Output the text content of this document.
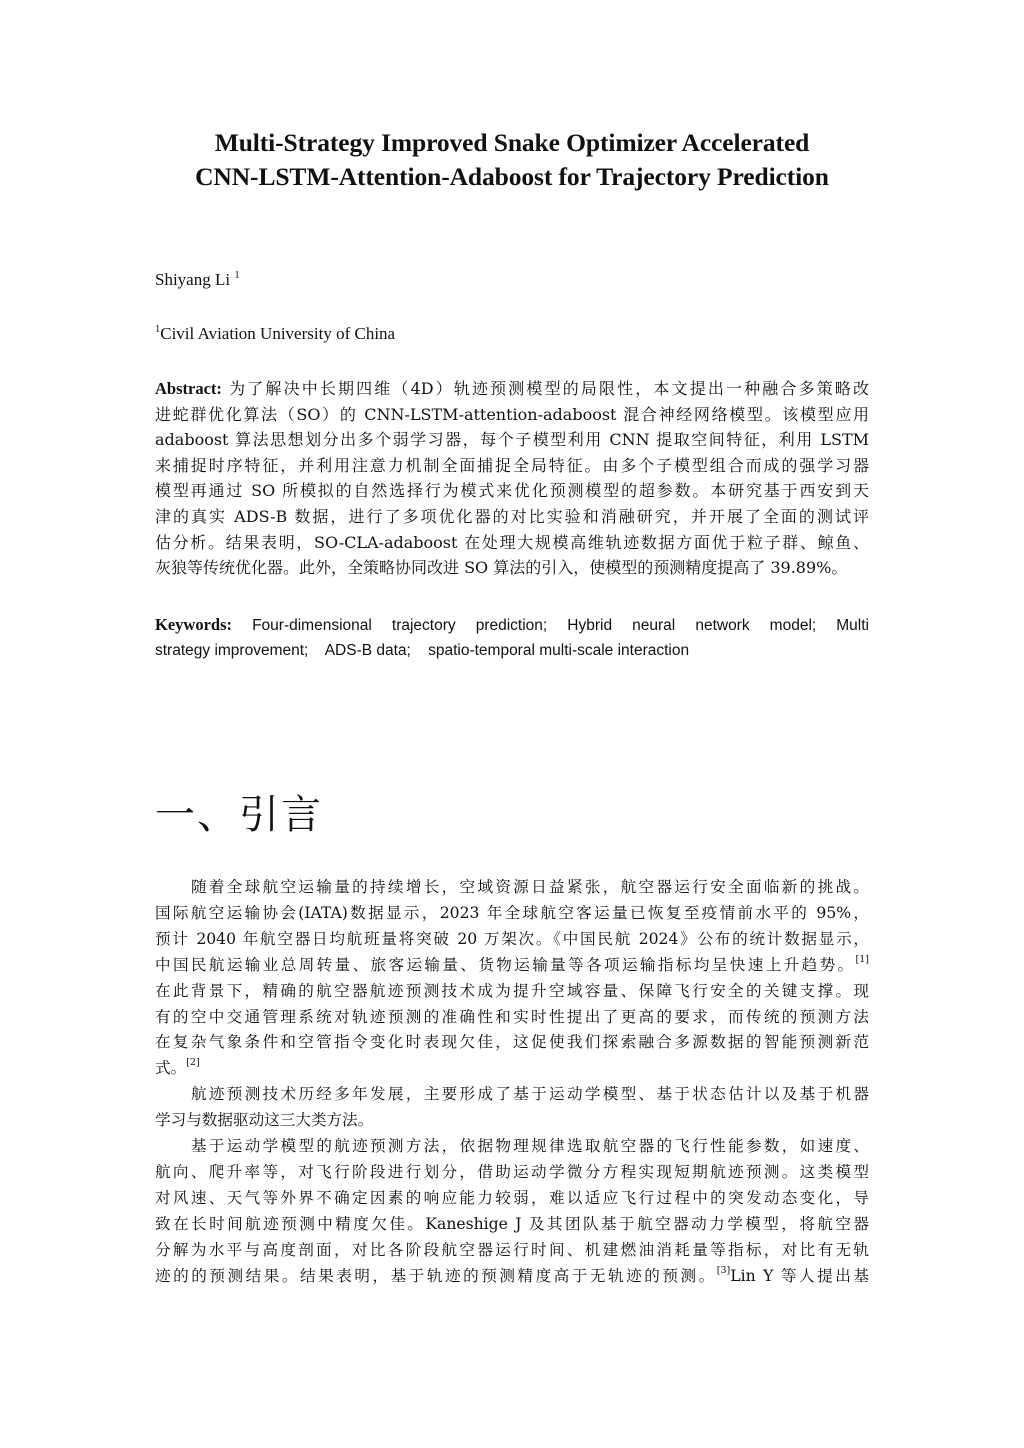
Multi-Strategy Improved Snake Optimizer Accelerated
CNN-LSTM-Attention-Adaboost for Trajectory Prediction
Shiyang Li $^1$
$^1$Civil Aviation University of China
Abstract: 为了解决中长期四维（4D）轨迹预测模型的局限性，本文提出一种融合多策略改
进蛇群优化算法（SO）的 CNN-LSTM-attention-adaboost 混合神经网络模型。该模型应用
adaboost 算法思想划分出多个弱学习器，每个子模型利用 CNN 提取空间特征，利用 LSTM
来捕捉时序特征，并利用注意力机制全面捕捉全局特征。由多个子模型组合而成的强学习器
模型再通过 SO 所模拟的自然选择行为模式来优化预测模型的超参数。本研究基于西安到天
津的真实 ADS-B 数据，进行了多项优化器的对比实验和消融研究，并开展了全面的测试评
估分析。结果表明，SO-CLA-adaboost 在处理大规模高维轨迹数据方面优于粒子群、鲸鱼、
灰狼等传统优化器。此外，全策略协同改进 SO 算法的引入，使模型的预测精度提高了 39.89%。
Keywords: Four-dimensional trajectory prediction; Hybrid neural network model; Multi
strategy improvement;    ADS-B data;    spatio-temporal multi-scale interaction
一、引言
随着全球航空运输量的持续增长，空域资源日益紧张，航空器运行安全面临新的挑战。
国际航空运输协会(IATA)数据显示，2023 年全球航空客运量已恢复至疫情前水平的 95%，
预计 2040 年航空器日均航班量将突破 20 万架次。《中国民航 2024》公布的统计数据显示，
中国民航运输业总周转量、旅客运输量、货物运输量等各项运输指标均呈快速上升趋势。[1]
在此背景下，精确的航空器航迹预测技术成为提升空域容量、保障飞行安全的关键支撑。现
有的空中交通管理系统对轨迹预测的准确性和实时性提出了更高的要求，而传统的预测方法
在复杂气象条件和空管指令变化时表现欠佳，这促使我们探索融合多源数据的智能预测新范
式。[2]
航迹预测技术历经多年发展，主要形成了基于运动学模型、基于状态估计以及基于机器
学习与数据驱动这三大类方法。
基于运动学模型的航迹预测方法，依据物理规律选取航空器的飞行性能参数，如速度、
航向、爬升率等，对飞行阶段进行划分，借助运动学微分方程实现短期航迹预测。这类模型
对风速、天气等外界不确定因素的响应能力较弱，难以适应飞行过程中的突发动态变化，导
致在长时间航迹预测中精度欠佳。Kaneshige J 及其团队基于航空器动力学模型，将航空器
分解为水平与高度剖面，对比各阶段航空器运行时间、机建燃油消耗量等指标，对比有无轨
迹的的预测结果。结果表明，基于轨迹的预测精度高于无轨迹的预测。[3]Lin Y 等人提出基
